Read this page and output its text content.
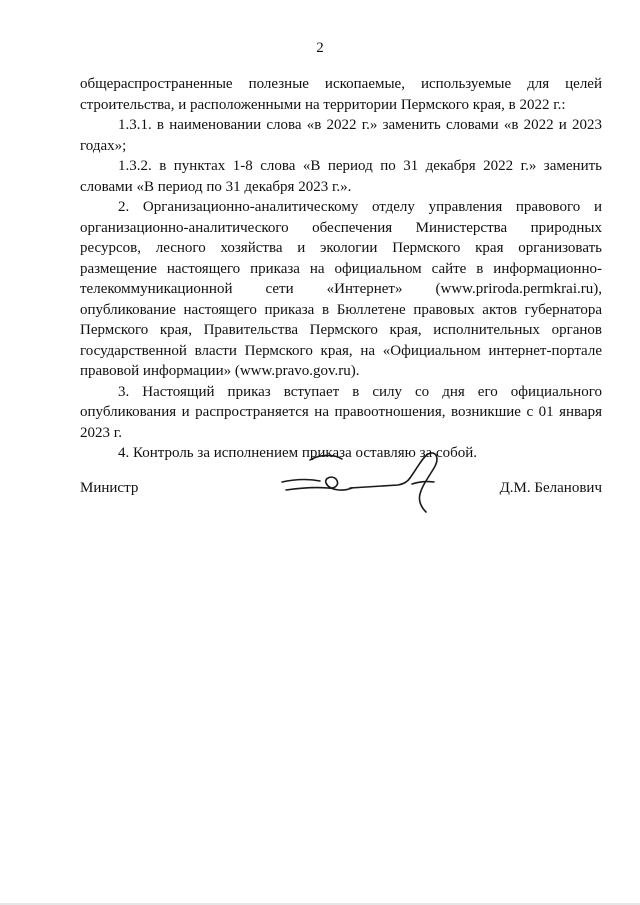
2

общераспространенные полезные ископаемые, используемые для целей строительства, и расположенными на территории Пермского края, в 2022 г.:

1.3.1. в наименовании слова «в 2022 г.» заменить словами «в 2022 и 2023 годах»;

1.3.2. в пунктах 1-8 слова «В период по 31 декабря 2022 г.» заменить словами «В период по 31 декабря 2023 г.».

2. Организационно-аналитическому отделу управления правового и организационно-аналитического обеспечения Министерства природных ресурсов, лесного хозяйства и экологии Пермского края организовать размещение настоящего приказа на официальном сайте в информационно-телекоммуникационной сети «Интернет» (www.priroda.permkrai.ru), опубликование настоящего приказа в Бюллетене правовых актов губернатора Пермского края, Правительства Пермского края, исполнительных органов государственной власти Пермского края, на «Официальном интернет-портале правовой информации» (www.pravo.gov.ru).

3. Настоящий приказ вступает в силу со дня его официального опубликования и распространяется на правоотношения, возникшие с 01 января 2023 г.

4. Контроль за исполнением приказа оставляю за собой.

Министр	Д.М. Беланович
